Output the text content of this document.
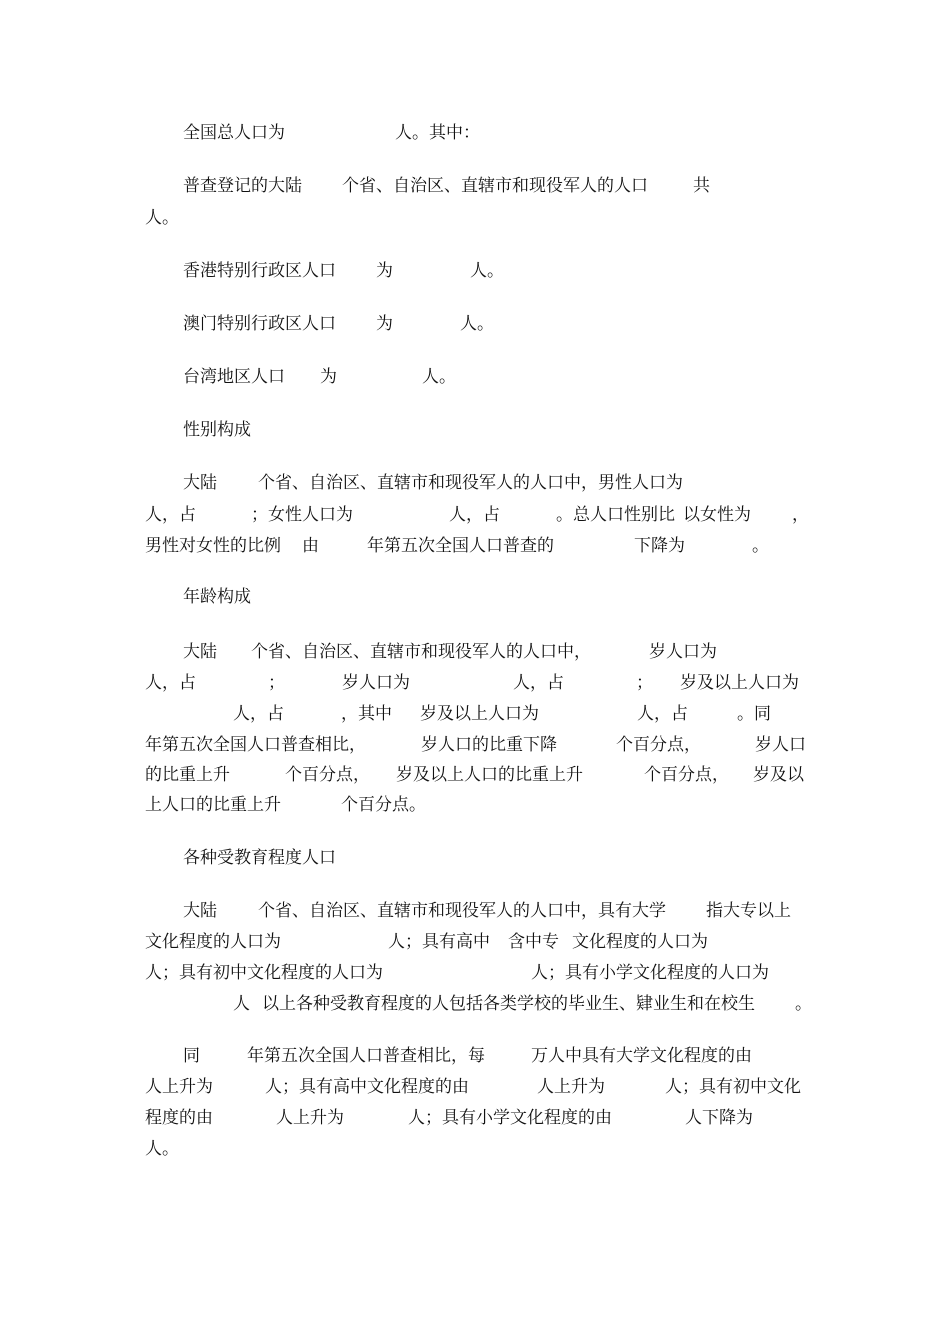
全国总人口为	人。其中：
普查登记的大陆 个省、自治区、直辖市和现役军人的人口	共
人。
香港特别行政区人口 为	人。
澳门特别行政区人口 为	人。
台湾地区人口 为	人。
性别构成
大陆 个省、自治区、直辖市和现役军人的人口中，男性人口为
人，占	；女性人口为	人，占	。总人口性别比 以女性为 ，
男性对女性的比例 由	年第五次全国人口普查的	下降为	。
年龄构成
大陆 个省、自治区、直辖市和现役军人的人口中，	岁人口为
人，占	；	岁人口为	人，占	； 岁及以上人口为
人，占	，其中 岁及以上人口为	人，占	。同
年第五次全国人口普查相比，	岁人口的比重下降	个百分点，	岁人口
的比重上升	个百分点， 岁及以上人口的比重上升	个百分点， 岁及以
上人口的比重上升	个百分点。
各种受教育程度人口
大陆 个省、自治区、直辖市和现役军人的人口中，具有大学 指大专以上
文化程度的人口为	人；具有高中 含中专 文化程度的人口为
人；具有初中文化程度的人口为	人；具有小学文化程度的人口为
人 以上各种受教育程度的人包括各类学校的毕业生、肄业生和在校生 。
同	年第五次全国人口普查相比，每	万人中具有大学文化程度的由
人上升为	人；具有高中文化程度的由	人上升为	人；具有初中文化
程度的由	人上升为	人；具有小学文化程度的由	人下降为
人。
